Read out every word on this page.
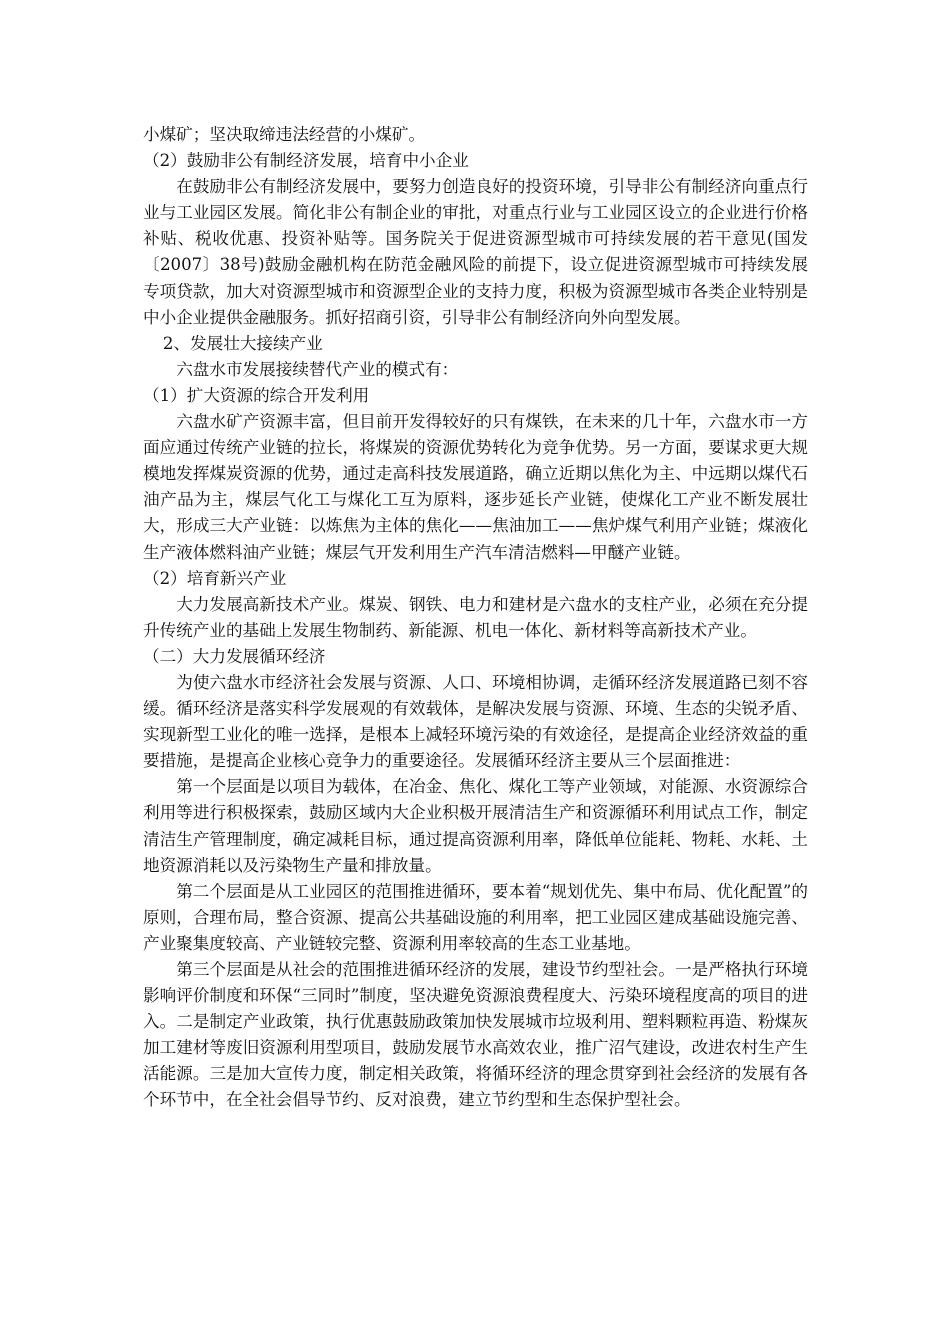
小煤矿；坚决取缔违法经营的小煤矿。

（2）鼓励非公有制经济发展，培育中小企业

在鼓励非公有制经济发展中，要努力创造良好的投资环境，引导非公有制经济向重点行业与工业园区发展。简化非公有制企业的审批，对重点行业与工业园区设立的企业进行价格补贴、税收优惠、投资补贴等。国务院关于促进资源型城市可持续发展的若干意见(国发〔2007〕38号)鼓励金融机构在防范金融风险的前提下，设立促进资源型城市可持续发展专项贷款，加大对资源型城市和资源型企业的支持力度，积极为资源型城市各类企业特别是中小企业提供金融服务。抓好招商引资，引导非公有制经济向外向型发展。

2、发展壮大接续产业

六盘水市发展接续替代产业的模式有：

（1）扩大资源的综合开发利用

六盘水矿产资源丰富，但目前开发得较好的只有煤铁，在未来的几十年，六盘水市一方面应通过传统产业链的拉长，将煤炭的资源优势转化为竞争优势。另一方面，要谋求更大规模地发挥煤炭资源的优势，通过走高科技发展道路，确立近期以焦化为主、中远期以煤代石油产品为主，煤层气化工与煤化工互为原料，逐步延长产业链，使煤化工产业不断发展壮大，形成三大产业链：以炼焦为主体的焦化——焦油加工——焦炉煤气利用产业链；煤液化生产液体燃料油产业链；煤层气开发利用生产汽车清洁燃料—甲醚产业链。

（2）培育新兴产业

大力发展高新技术产业。煤炭、钢铁、电力和建材是六盘水的支柱产业，必须在充分提升传统产业的基础上发展生物制药、新能源、机电一体化、新材料等高新技术产业。

（二）大力发展循环经济

为使六盘水市经济社会发展与资源、人口、环境相协调，走循环经济发展道路已刻不容缓。循环经济是落实科学发展观的有效载体，是解决发展与资源、环境、生态的尖锐矛盾、实现新型工业化的唯一选择，是根本上减轻环境污染的有效途径，是提高企业经济效益的重要措施，是提高企业核心竞争力的重要途径。发展循环经济主要从三个层面推进：

第一个层面是以项目为载体，在冶金、焦化、煤化工等产业领域，对能源、水资源综合利用等进行积极探索，鼓励区域内大企业积极开展清洁生产和资源循环利用试点工作，制定清洁生产管理制度，确定减耗目标，通过提高资源利用率，降低单位能耗、物耗、水耗、土地资源消耗以及污染物生产量和排放量。

第二个层面是从工业园区的范围推进循环，要本着“规划优先、集中布局、优化配置”的原则，合理布局，整合资源、提高公共基础设施的利用率，把工业园区建成基础设施完善、产业聚集度较高、产业链较完整、资源利用率较高的生态工业基地。

第三个层面是从社会的范围推进循环经济的发展，建设节约型社会。一是严格执行环境影响评价制度和环保“三同时”制度，坚决避免资源浪费程度大、污染环境程度高的项目的进入。二是制定产业政策，执行优惠鼓励政策加快发展城市垃圾利用、塑料颗粒再造、粉煤灰加工建材等废旧资源利用型项目，鼓励发展节水高效农业，推广沼气建设，改进农村生产生活能源。三是加大宣传力度，制定相关政策，将循环经济的理念贯穿到社会经济的发展有各个环节中，在全社会倡导节约、反对浪费，建立节约型和生态保护型社会。
